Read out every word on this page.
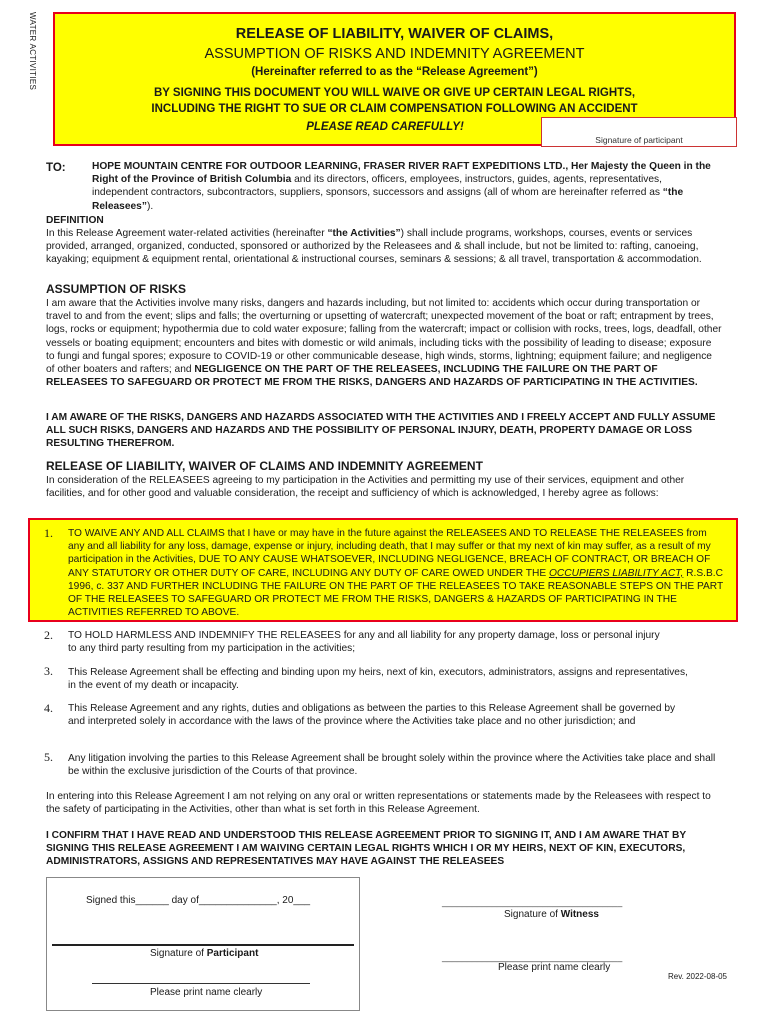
WATER ACTIVITIES	RELEASE OF LIABILITY, WAIVER OF CLAIMS,
ASSUMPTION OF RISKS AND INDEMNITY AGREEMENT
(Hereinafter referred to as the “Release Agreement”)
BY SIGNING THIS DOCUMENT YOU WILL WAIVE OR GIVE UP CERTAIN LEGAL RIGHTS,
INCLUDING THE RIGHT TO SUE OR CLAIM COMPENSATION FOLLOWING AN ACCIDENT
PLEASE READ CAREFULLY!
Signature of participant
TO:	HOPE MOUNTAIN CENTRE FOR OUTDOOR LEARNING, FRASER RIVER RAFT EXPEDITIONS LTD., Her Majesty the Queen in the Right of the Province of British Columbia and its directors, officers, employees, instructors, guides, agents, representatives, independent contractors, subcontractors, suppliers, sponsors, successors and assigns (all of whom are hereinafter referred as “the Releasees”).
DEFINITION
In this Release Agreement water-related activities (hereinafter “the Activities”) shall include programs, workshops, courses, events or services provided, arranged, organized, conducted, sponsored or authorized by the Releasees and & shall include, but not be limited to: rafting, canoeing, kayaking; equipment & equipment rental, orientational & instructional courses, seminars & sessions; & all travel, transportation & accommodation.
ASSUMPTION OF RISKS
I am aware that the Activities involve many risks, dangers and hazards including, but not limited to: accidents which occur during transportation or travel to and from the event; slips and falls; the overturning or upsetting of watercraft; unexpected movement of the boat or raft; entrapment by trees, logs, rocks or equipment; hypothermia due to cold water exposure; falling from the watercraft; impact or collision with rocks, trees, logs, deadfall, other vessels or boating equipment; encounters and bites with domestic or wild animals, including ticks with the possibility of leading to disease; exposure to fungi and fungal spores; exposure to COVID-19 or other communicable desease, high winds, storms, lightning; equipment failure; and negligence of other boaters and rafters; and NEGLIGENCE ON THE PART OF THE RELEASEES, INCLUDING THE FAILURE ON THE PART OF RELEASEES TO SAFEGUARD OR PROTECT ME FROM THE RISKS, DANGERS AND HAZARDS OF PARTICIPATING IN THE ACTIVITIES.
I AM AWARE OF THE RISKS, DANGERS AND HAZARDS ASSOCIATED WITH THE ACTIVITIES AND I FREELY ACCEPT AND FULLY ASSUME ALL SUCH RISKS, DANGERS AND HAZARDS AND THE POSSIBILITY OF PERSONAL INJURY, DEATH, PROPERTY DAMAGE OR LOSS RESULTING THEREFROM.
RELEASE OF LIABILITY, WAIVER OF CLAIMS AND INDEMNITY AGREEMENT
In consideration of the RELEASEES agreeing to my participation in the Activities and permitting my use of their services, equipment and other facilities, and for other good and valuable consideration, the receipt and sufficiency of which is acknowledged, I hereby agree as follows:
1. TO WAIVE ANY AND ALL CLAIMS that I have or may have in the future against the RELEASEES AND TO RELEASE THE RELEASEES from any and all liability for any loss, damage, expense or injury, including death, that I may suffer or that my next of kin may suffer, as a result of my participation in the Activities, DUE TO ANY CAUSE WHATSOEVER, INCLUDING NEGLIGENCE, BREACH OF CONTRACT, OR BREACH OF ANY STATUTORY OR OTHER DUTY OF CARE, INCLUDING ANY DUTY OF CARE OWED UNDER THE OCCUPIERS LIABILITY ACT, R.S.B.C 1996, c. 337 AND FURTHER INCLUDING THE FAILURE ON THE PART OF THE RELEASEES TO TAKE REASONABLE STEPS ON THE PART OF THE RELEASEES TO SAFEGUARD OR PROTECT ME FROM THE RISKS, DANGERS & HAZARDS OF PARTICIPATING IN THE ACTIVITIES REFERRED TO ABOVE.
2. TO HOLD HARMLESS AND INDEMNIFY THE RELEASEES for any and all liability for any property damage, loss or personal injury to any third party resulting from my participation in the activities;
3. This Release Agreement shall be effecting and binding upon my heirs, next of kin, executors, administrators, assigns and representatives, in the event of my death or incapacity.
4. This Release Agreement and any rights, duties and obligations as between the parties to this Release Agreement shall be governed by and interpreted solely in accordance with the laws of the province where the Activities take place and no other jurisdiction; and
5. Any litigation involving the parties to this Release Agreement shall be brought solely within the province where the Activities take place and shall be within the exclusive jurisdiction of the Courts of that province.
In entering into this Release Agreement I am not relying on any oral or written representations or statements made by the Releasees with respect to the safety of participating in the Activities, other than what is set forth in this Release Agreement.
I CONFIRM THAT I HAVE READ AND UNDERSTOOD THIS RELEASE AGREEMENT PRIOR TO SIGNING IT, AND I AM AWARE THAT BY SIGNING THIS RELEASE AGREEMENT I AM WAIVING CERTAIN LEGAL RIGHTS WHICH I OR MY HEIRS, NEXT OF KIN, EXECUTORS, ADMINISTRATORS, ASSIGNS AND REPRESENTATIVES MAY HAVE AGAINST THE RELEASEES
Signed this______ day of______________, 20___
Signature of Participant
Please print name clearly
____________________________________
Signature of Witness
____________________________________
Please print name clearly
Rev. 2022-08-05
